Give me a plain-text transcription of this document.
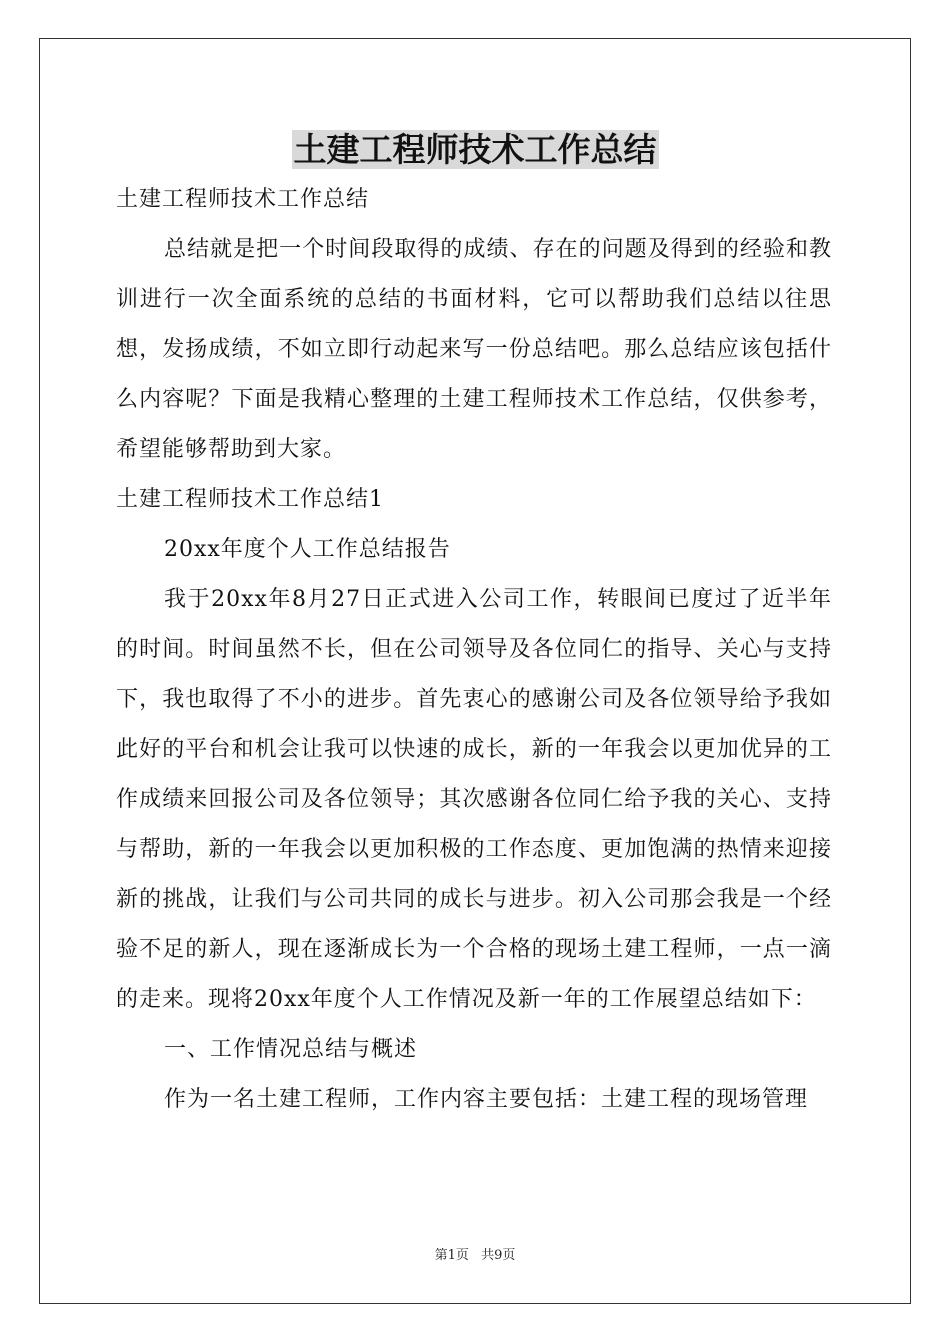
土建工程师技术工作总结

土建工程师技术工作总结

总结就是把一个时间段取得的成绩、存在的问题及得到的经验和教训进行一次全面系统的总结的书面材料，它可以帮助我们总结以往思想，发扬成绩，不如立即行动起来写一份总结吧。那么总结应该包括什么内容呢？下面是我精心整理的土建工程师技术工作总结，仅供参考，希望能够帮助到大家。

土建工程师技术工作总结1

20xx年度个人工作总结报告

我于20xx年8月27日正式进入公司工作，转眼间已度过了近半年的时间。时间虽然不长，但在公司领导及各位同仁的指导、关心与支持下，我也取得了不小的进步。首先衷心的感谢公司及各位领导给予我如此好的平台和机会让我可以快速的成长，新的一年我会以更加优异的工作成绩来回报公司及各位领导；其次感谢各位同仁给予我的关心、支持与帮助，新的一年我会以更加积极的工作态度、更加饱满的热情来迎接新的挑战，让我们与公司共同的成长与进步。初入公司那会我是一个经验不足的新人，现在逐渐成长为一个合格的现场土建工程师，一点一滴的走来。现将20xx年度个人工作情况及新一年的工作展望总结如下：

一、工作情况总结与概述

作为一名土建工程师，工作内容主要包括：土建工程的现场管理

第1页 共9页
